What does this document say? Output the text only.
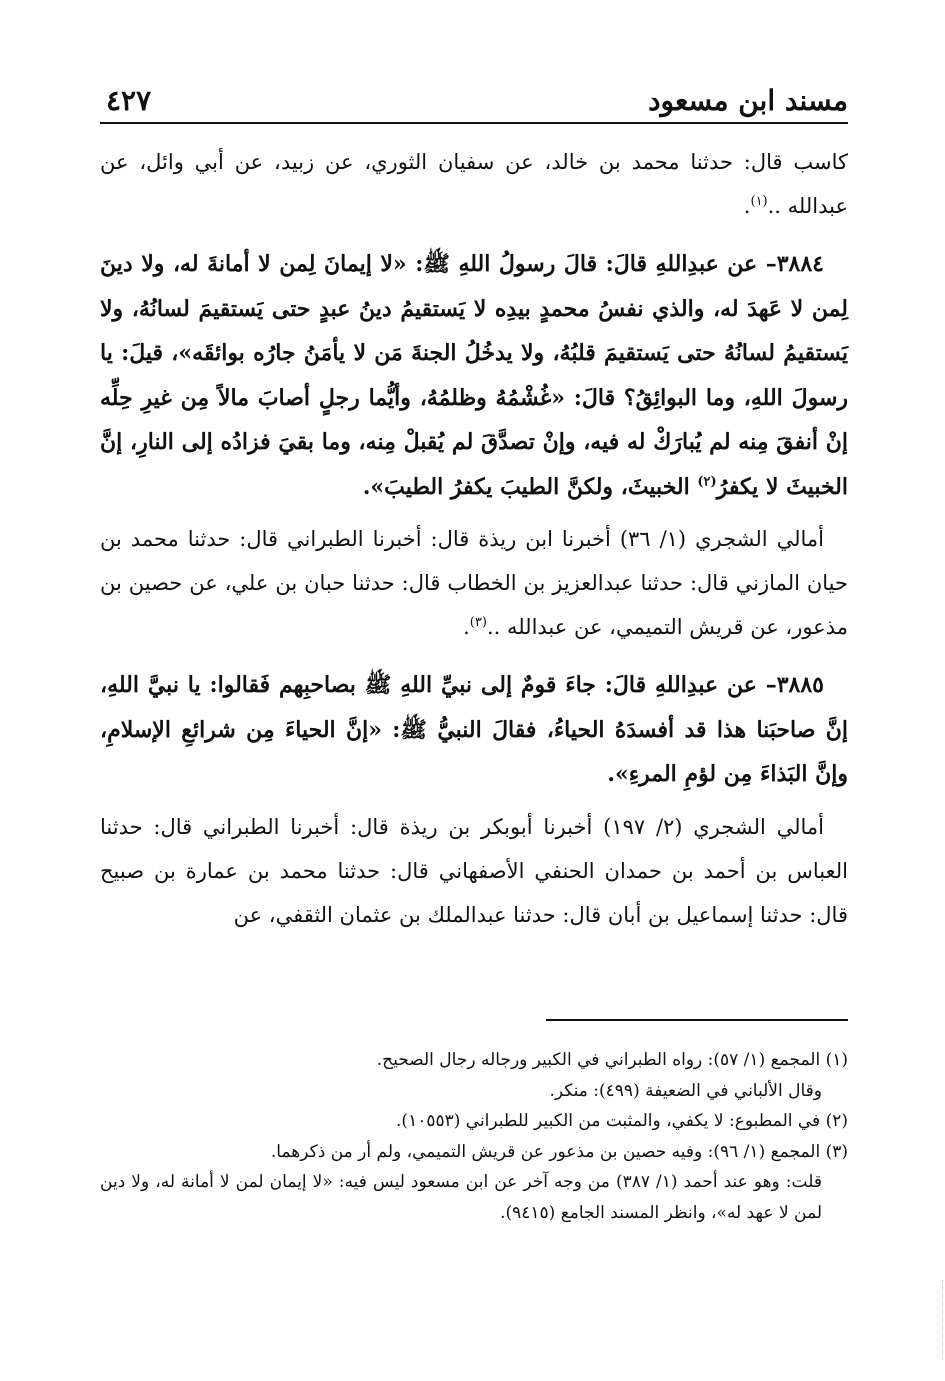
مسند ابن مسعود
٤٢٧

كاسب قال: حدثنا محمد بن خالد، عن سفيان الثوري، عن زبيد، عن أبي وائل، عن عبدالله ..$^{(١)}$.

٣٨٨٤– عن عبدِاللهِ قالَ: قالَ رسولُ اللهِ ﷺ: «لا إيمانَ لِمن لا أمانةَ له، ولا دينَ لِمن لا عَهدَ له، والذي نفسُ محمدٍ بيدِه لا يَستقيمُ دينُ عبدٍ حتى يَستقيمَ لسانُهُ، ولا يَستقيمُ لسانُهُ حتى يَستقيمَ قلبُهُ، ولا يدخُلُ الجنةَ مَن لا يأمَنُ جارُه بوائقَه»، قيلَ: يا رسولَ اللهِ، وما البوائِقُ؟ قالَ: «غُشْمُهُ وظلمُهُ، وأيُّما رجلٍ أصابَ مالاً مِن غيرِ حِلِّه إنْ أنفقَ مِنه لم يُبارَكْ له فيه، وإنْ تصدَّقَ لم يُقبلْ مِنه، وما بقيَ فزادُه إلى النارِ، إنَّ الخبيثَ لا يكفرُ$^{(٢)}$ الخبيثَ، ولكنَّ الطيبَ يكفرُ الطيبَ».

أمالي الشجري (١/ ٣٦) أخبرنا ابن ريذة قال: أخبرنا الطبراني قال: حدثنا محمد بن حيان المازني قال: حدثنا عبدالعزيز بن الخطاب قال: حدثنا حبان بن علي، عن حصين بن مذعور، عن قريش التميمي، عن عبدالله ..$^{(٣)}$.

٣٨٨٥– عن عبدِاللهِ قالَ: جاءَ قومٌ إلى نبيِّ اللهِ ﷺ بصاحبِهم فَقالوا: يا نبيَّ اللهِ، إنَّ صاحبَنا هذا قد أفسدَهُ الحياءُ، فقالَ النبيُّ ﷺ: «إنَّ الحياءَ مِن شرائعِ الإسلامِ، وإنَّ البَذاءَ مِن لؤمِ المرءِ».

أمالي الشجري (٢/ ١٩٧) أخبرنا أبوبكر بن ريذة قال: أخبرنا الطبراني قال: حدثنا العباس بن أحمد بن حمدان الحنفي الأصفهاني قال: حدثنا محمد بن عمارة بن صبيح قال: حدثنا إسماعيل بن أبان قال: حدثنا عبدالملك بن عثمان الثقفي، عن

(١) المجمع (١/ ٥٧): رواه الطبراني في الكبير ورجاله رجال الصحيح.

وقال الألباني في الضعيفة (٤٩٩): منكر.

(٢) في المطبوع: لا يكفي، والمثبت من الكبير للطبراني (١٠٥٥٣).

(٣) المجمع (١/ ٩٦): وفيه حصين بن مذعور عن قريش التميمي، ولم أر من ذكرهما.

قلت: وهو عند أحمد (١/ ٣٨٧) من وجه آخر عن ابن مسعود ليس فيه: «لا إيمان لمن لا أمانة له، ولا دين لمن لا عهد له»، وانظر المسند الجامع (٩٤١٥).
